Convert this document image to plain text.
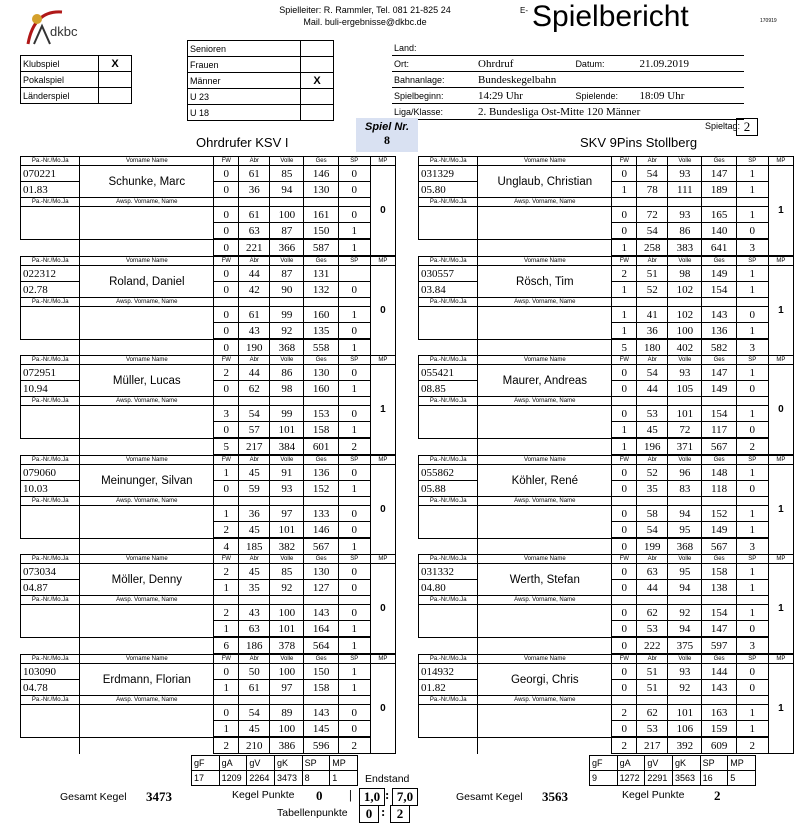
dkbc
Spielleiter: R. Rammler, Tel. 081 21-825 24
Mail. buli-ergebnisse@dkbc.de
E- Spielbericht	170919
Klubspiel	X
Pokalspiel	
Länderspiel	
Senioren	
Frauen	
Männer	X
U 23	
U 18	
Land:			
Ort:	Ohrdruf	Datum:	21.09.2019
Bahnanlage:	Bundeskegelbahn		
Spielbeginn:	14:29 Uhr	Spielende:	18:09 Uhr
Liga/Klasse:	2. Bundesliga Ost-Mitte 120 Männer		
Spieltag: 2
Ohrdrufer KSV I
Spiel Nr.
8	SKV 9Pins Stollberg
Pa.-Nr./Mo.Ja	Vorname Name	FW	Abr	Volle	Ges	SP	MP
070221	Schunke, Marc	0	61	85	146	0	0
01.83		0	36	94	130	0	
Pa.-Nr./Mo.Ja	Awsp. Vorname, Name						
		0	61	100	161	0	
		0	63	87	150	1	
		0	221	366	587	1	
Pa.-Nr./Mo.Ja	Vorname Name	FW	Abr	Volle	Ges	SP	MP
022312	Roland, Daniel	0	44	87	131		0
02.78		0	42	90	132	0	
Pa.-Nr./Mo.Ja	Awsp. Vorname, Name						
		0	61	99	160	1	
		0	43	92	135	0	
		0	190	368	558	1	
Pa.-Nr./Mo.Ja	Vorname Name	FW	Abr	Volle	Ges	SP	MP
072951	Müller, Lucas	2	44	86	130	0	1
10.94		0	62	98	160	1	
Pa.-Nr./Mo.Ja	Awsp. Vorname, Name						
		3	54	99	153	0	
		0	57	101	158	1	
		5	217	384	601	2	
Pa.-Nr./Mo.Ja	Vorname Name	FW	Abr	Volle	Ges	SP	MP
079060	Meinunger, Silvan	1	45	91	136	0	0
10.03		0	59	93	152	1	
Pa.-Nr./Mo.Ja	Awsp. Vorname, Name						
		1	36	97	133	0	
		2	45	101	146	0	
		4	185	382	567	1	
Pa.-Nr./Mo.Ja	Vorname Name	FW	Abr	Volle	Ges	SP	MP
073034	Möller, Denny	2	45	85	130	0	0
04.87		1	35	92	127	0	
Pa.-Nr./Mo.Ja	Awsp. Vorname, Name						
		2	43	100	143	0	
		1	63	101	164	1	
		6	186	378	564	1	
Pa.-Nr./Mo.Ja	Vorname Name	FW	Abr	Volle	Ges	SP	MP
103090	Erdmann, Florian	0	50	100	150	1	0
04.78		1	61	97	158	1	
Pa.-Nr./Mo.Ja	Awsp. Vorname, Name						
		0	54	89	143	0	
		1	45	100	145	0	
		2	210	386	596	2	
Pa.-Nr./Mo.Ja	Vorname Name	FW	Abr	Volle	Ges	SP	MP
031329	Unglaub, Christian	0	54	93	147	1	1
05.80		1	78	111	189	1	
Pa.-Nr./Mo.Ja	Awsp. Vorname, Name						
		0	72	93	165	1	
		0	54	86	140	0	
		1	258	383	641	3	
Pa.-Nr./Mo.Ja	Vorname Name	FW	Abr	Volle	Ges	SP	MP
030557	Rösch, Tim	2	51	98	149	1	1
03.84		1	52	102	154	1	
Pa.-Nr./Mo.Ja	Awsp. Vorname, Name						
		1	41	102	143	0	
		1	36	100	136	1	
		5	180	402	582	3	
Pa.-Nr./Mo.Ja	Vorname Name	FW	Abr	Volle	Ges	SP	MP
055421	Maurer, Andreas	0	54	93	147	1	0
08.85		0	44	105	149	0	
Pa.-Nr./Mo.Ja	Awsp. Vorname, Name						
		0	53	101	154	1	
		1	45	72	117	0	
		1	196	371	567	2	
Pa.-Nr./Mo.Ja	Vorname Name	FW	Abr	Volle	Ges	SP	MP
055862	Köhler, René	0	52	96	148	1	1
05.88		0	35	83	118	0	
Pa.-Nr./Mo.Ja	Awsp. Vorname, Name						
		0	58	94	152	1	
		0	54	95	149	1	
		0	199	368	567	3	
Pa.-Nr./Mo.Ja	Vorname Name	FW	Abr	Volle	Ges	SP	MP
031332	Werth, Stefan	0	63	95	158	1	1
04.80		0	44	94	138	1	
Pa.-Nr./Mo.Ja	Awsp. Vorname, Name						
		0	62	92	154	1	
		0	53	94	147	0	
		0	222	375	597	3	
Pa.-Nr./Mo.Ja	Vorname Name	FW	Abr	Volle	Ges	SP	MP
014932	Georgi, Chris	0	51	93	144	0	1
01.82		0	51	92	143	0	
Pa.-Nr./Mo.Ja	Awsp. Vorname, Name						
		2	62	101	163	1	
		0	53	106	159	1	
		2	217	392	609	2	
gF	gA	gV	gK	SP	MP
17	1209	2264	3473	8	1
gF	gA	gV	gK	SP	MP
9	1272	2291	3563	16	5
Endstand
Gesamt Kegel 3473	Kegel Punkte 0	1,0 : 7,0
|
Tabellenpunkte	0 : 2
Gesamt Kegel 3563	Kegel Punkte 2
